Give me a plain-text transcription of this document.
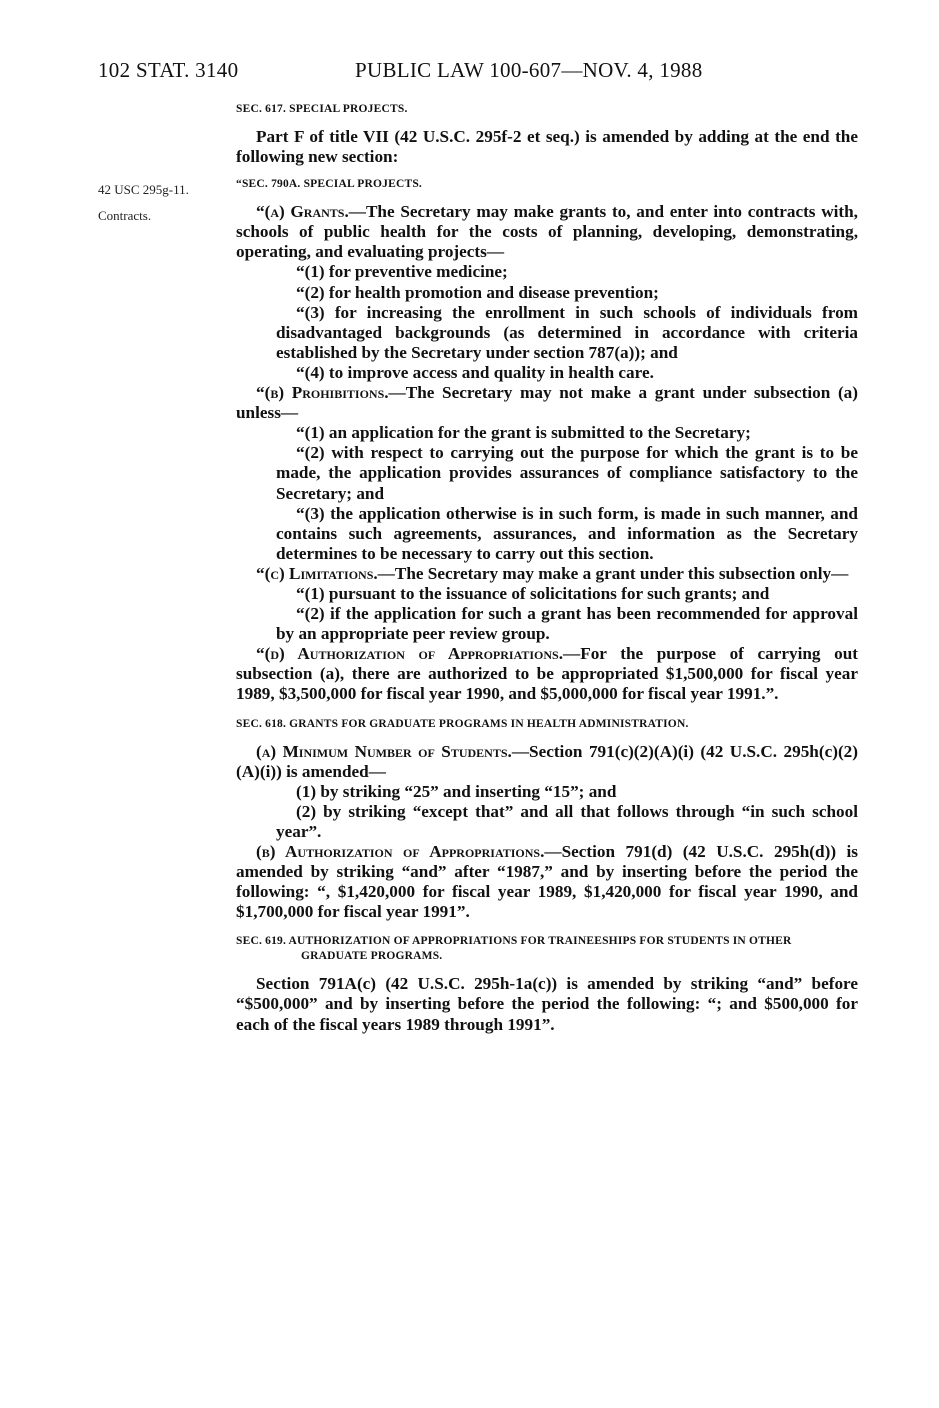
102 STAT. 3140	PUBLIC LAW 100-607—NOV. 4, 1988
42 USC 295g-11.
Contracts.

SEC. 617. SPECIAL PROJECTS.

Part F of title VII (42 U.S.C. 295f-2 et seq.) is amended by adding at the end the following new section:

“SEC. 790A. SPECIAL PROJECTS.

“(a) Grants.—The Secretary may make grants to, and enter into contracts with, schools of public health for the costs of planning, developing, demonstrating, operating, and evaluating projects—

“(1) for preventive medicine;

“(2) for health promotion and disease prevention;

“(3) for increasing the enrollment in such schools of individuals from disadvantaged backgrounds (as determined in accordance with criteria established by the Secretary under section 787(a)); and

“(4) to improve access and quality in health care.

“(b) Prohibitions.—The Secretary may not make a grant under subsection (a) unless—

“(1) an application for the grant is submitted to the Secretary;

“(2) with respect to carrying out the purpose for which the grant is to be made, the application provides assurances of compliance satisfactory to the Secretary; and

“(3) the application otherwise is in such form, is made in such manner, and contains such agreements, assurances, and information as the Secretary determines to be necessary to carry out this section.

“(c) Limitations.—The Secretary may make a grant under this subsection only—

“(1) pursuant to the issuance of solicitations for such grants; and

“(2) if the application for such a grant has been recommended for approval by an appropriate peer review group.

“(d) Authorization of Appropriations.—For the purpose of carrying out subsection (a), there are authorized to be appropriated $1,500,000 for fiscal year 1989, $3,500,000 for fiscal year 1990, and $5,000,000 for fiscal year 1991.”.

SEC. 618. GRANTS FOR GRADUATE PROGRAMS IN HEALTH ADMINISTRATION.

(a) Minimum Number of Students.—Section 791(c)(2)(A)(i) (42 U.S.C. 295h(c)(2)(A)(i)) is amended—

(1) by striking “25” and inserting “15”; and

(2) by striking “except that” and all that follows through “in such school year”.

(b) Authorization of Appropriations.—Section 791(d) (42 U.S.C. 295h(d)) is amended by striking “and” after “1987,” and by inserting before the period the following: “, $1,420,000 for fiscal year 1989, $1,420,000 for fiscal year 1990, and $1,700,000 for fiscal year 1991”.

SEC. 619. AUTHORIZATION OF APPROPRIATIONS FOR TRAINEESHIPS FOR STUDENTS IN OTHER GRADUATE PROGRAMS.

Section 791A(c) (42 U.S.C. 295h-1a(c)) is amended by striking “and” before “$500,000” and by inserting before the period the following: “; and $500,000 for each of the fiscal years 1989 through 1991”.
